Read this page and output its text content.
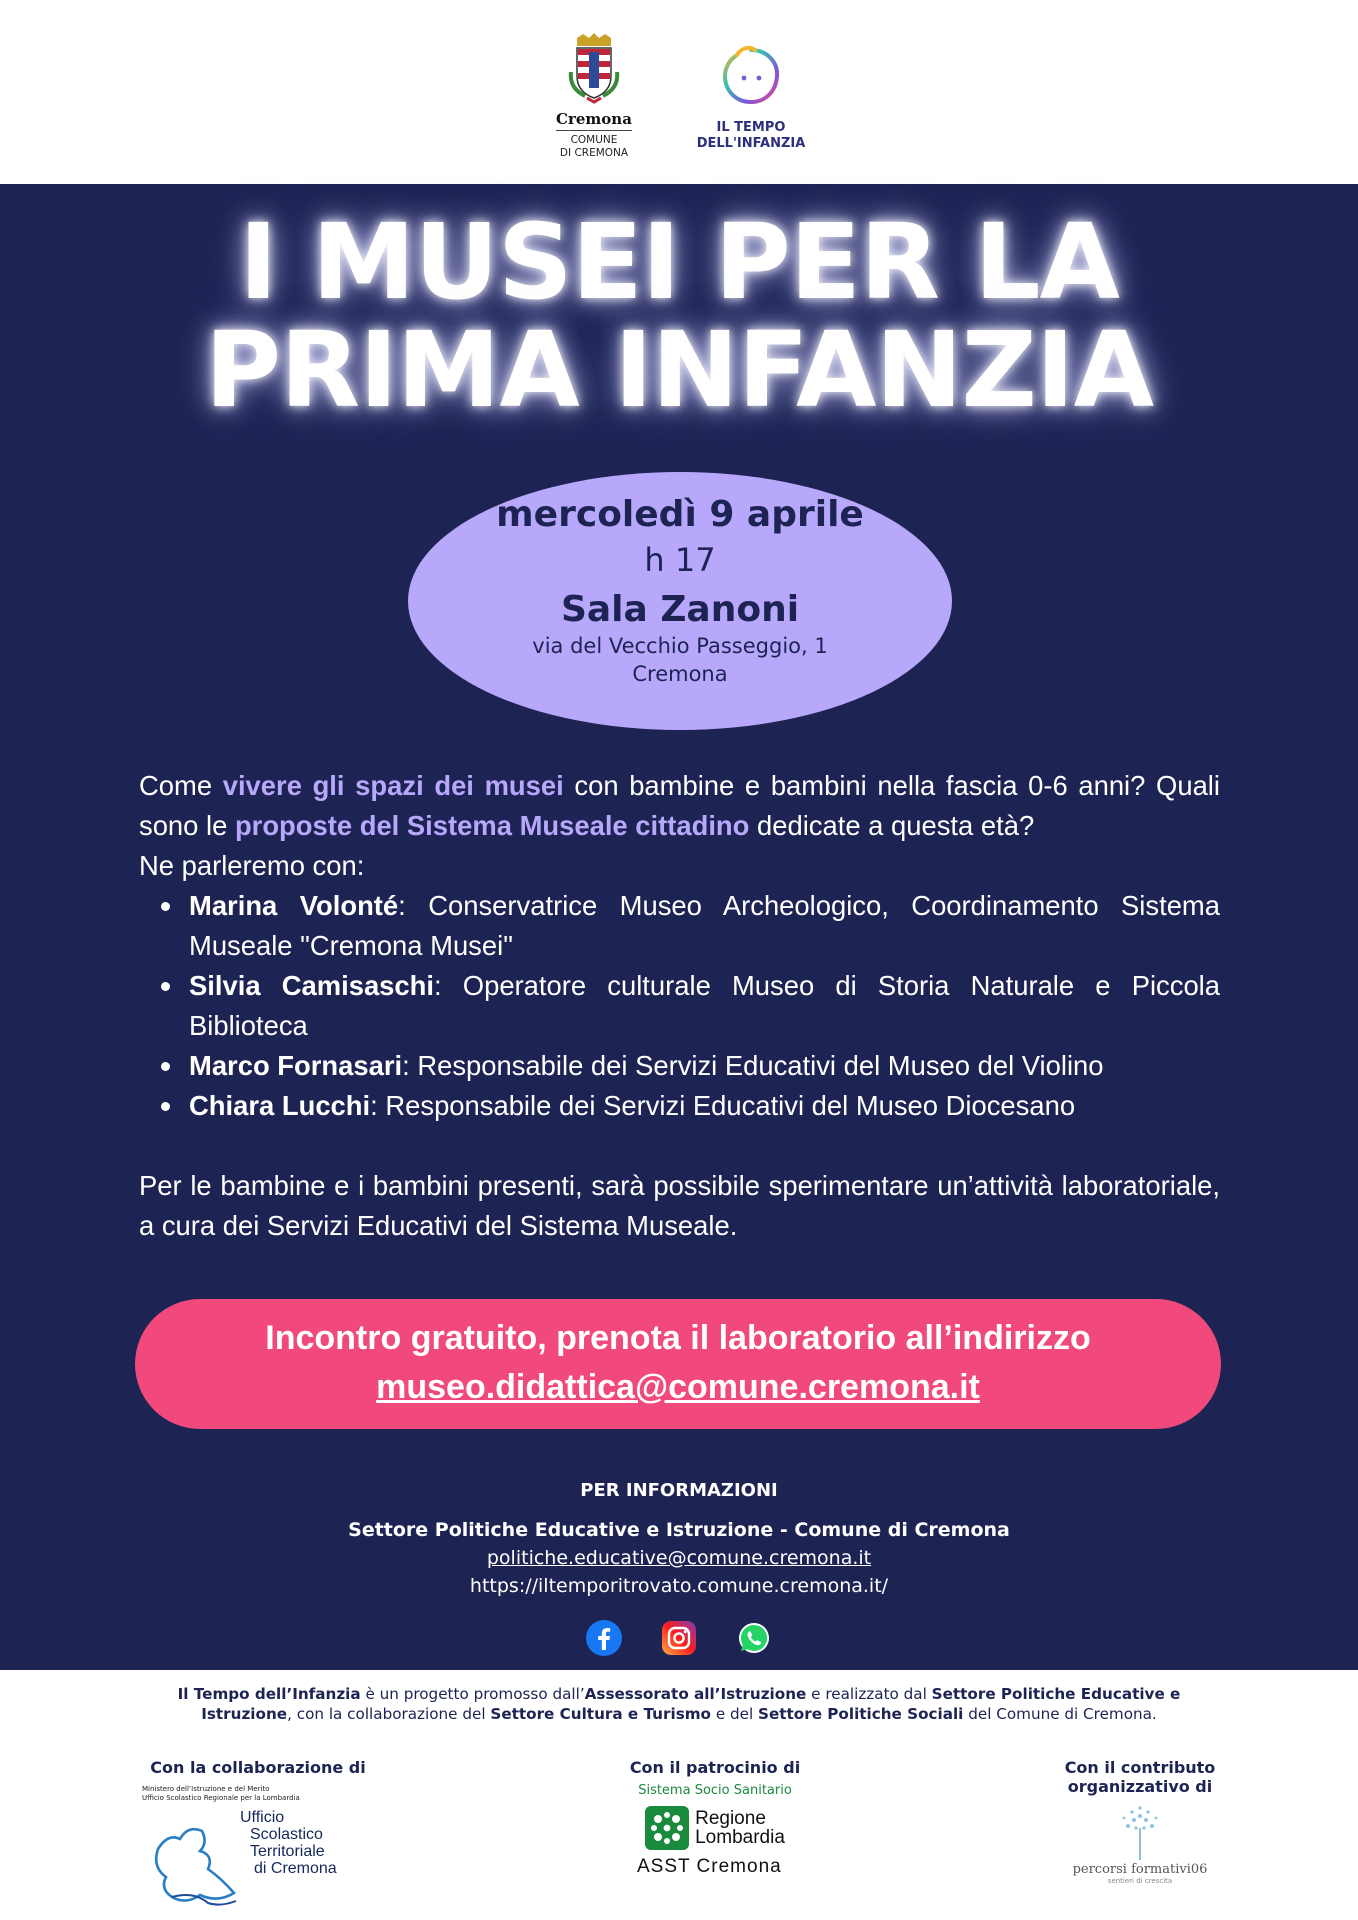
Cremona
COMUNE
DI CREMONA
IL TEMPO
DELL'INFANZIA
I MUSEI PER LA
PRIMA INFANZIA
mercoledì 9 aprile
h 17
Sala Zanoni
via del Vecchio Passeggio, 1
Cremona

Come vivere gli spazi dei musei con bambine e bambini nella fascia 0-6 anni? Quali sono le proposte del Sistema Museale cittadino dedicate a questa età?

Ne parleremo con:

Marina Volonté: Conservatrice Museo Archeologico, Coordinamento Sistema Museale "Cremona Musei"
Silvia Camisaschi: Operatore culturale Museo di Storia Naturale e Piccola Biblioteca
Marco Fornasari: Responsabile dei Servizi Educativi del Museo del Violino
Chiara Lucchi: Responsabile dei Servizi Educativi del Museo Diocesano

Per le bambine e i bambini presenti, sarà possibile sperimentare un’attività laboratoriale, a cura dei Servizi Educativi del Sistema Museale.

Incontro gratuito, prenota il laboratorio all’indirizzo
museo.didattica@comune.cremona.it
PER INFORMAZIONI
Settore Politiche Educative e Istruzione - Comune di Cremona
politiche.educative@comune.cremona.it
https://iltemporitrovato.comune.cremona.it/

Il Tempo dell’Infanzia è un progetto promosso dall’Assessorato all’Istruzione e realizzato dal Settore Politiche Educative e Istruzione, con la collaborazione del Settore Cultura e Turismo e del Settore Politiche Sociali del Comune di Cremona.

Con la collaborazione di
Ministero dell’Istruzione e del Merito
Ufficio Scolastico Regionale per la Lombardia
Ufficio
Scolastico
Territoriale
di Cremona
Con il patrocinio di
Sistema Socio Sanitario
Regione
Lombardia
ASST Cremona
Con il contributo
organizzativo di
percorsi formativi06
sentieri di crescita
